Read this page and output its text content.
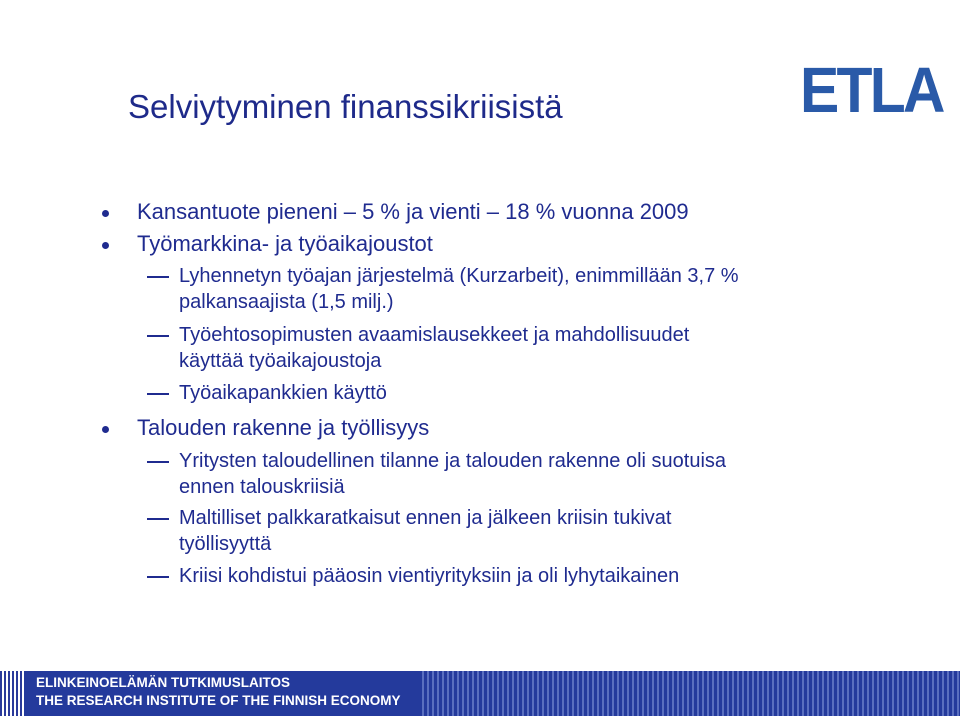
Selviytyminen finanssikriisistä	ETLA
Kansantuote pieneni – 5 % ja vienti – 18 % vuonna 2009
Työmarkkina- ja työaikajoustot
Lyhennetyn työajan järjestelmä (Kurzarbeit), enimmillään 3,7 %
palkansaajista (1,5 milj.)
Työehtosopimusten avaamislausekkeet ja mahdollisuudet
käyttää työaikajoustoja
Työaikapankkien käyttö
Talouden rakenne ja työllisyys
Yritysten taloudellinen tilanne ja talouden rakenne oli suotuisa
ennen talouskriisiä
Maltilliset palkkaratkaisut ennen ja jälkeen kriisin tukivat
työllisyyttä
Kriisi kohdistui pääosin vientiyrityksiin ja oli lyhytaikainen
ELINKEINOELÄMÄN TUTKIMUSLAITOS
THE RESEARCH INSTITUTE OF THE FINNISH ECONOMY
